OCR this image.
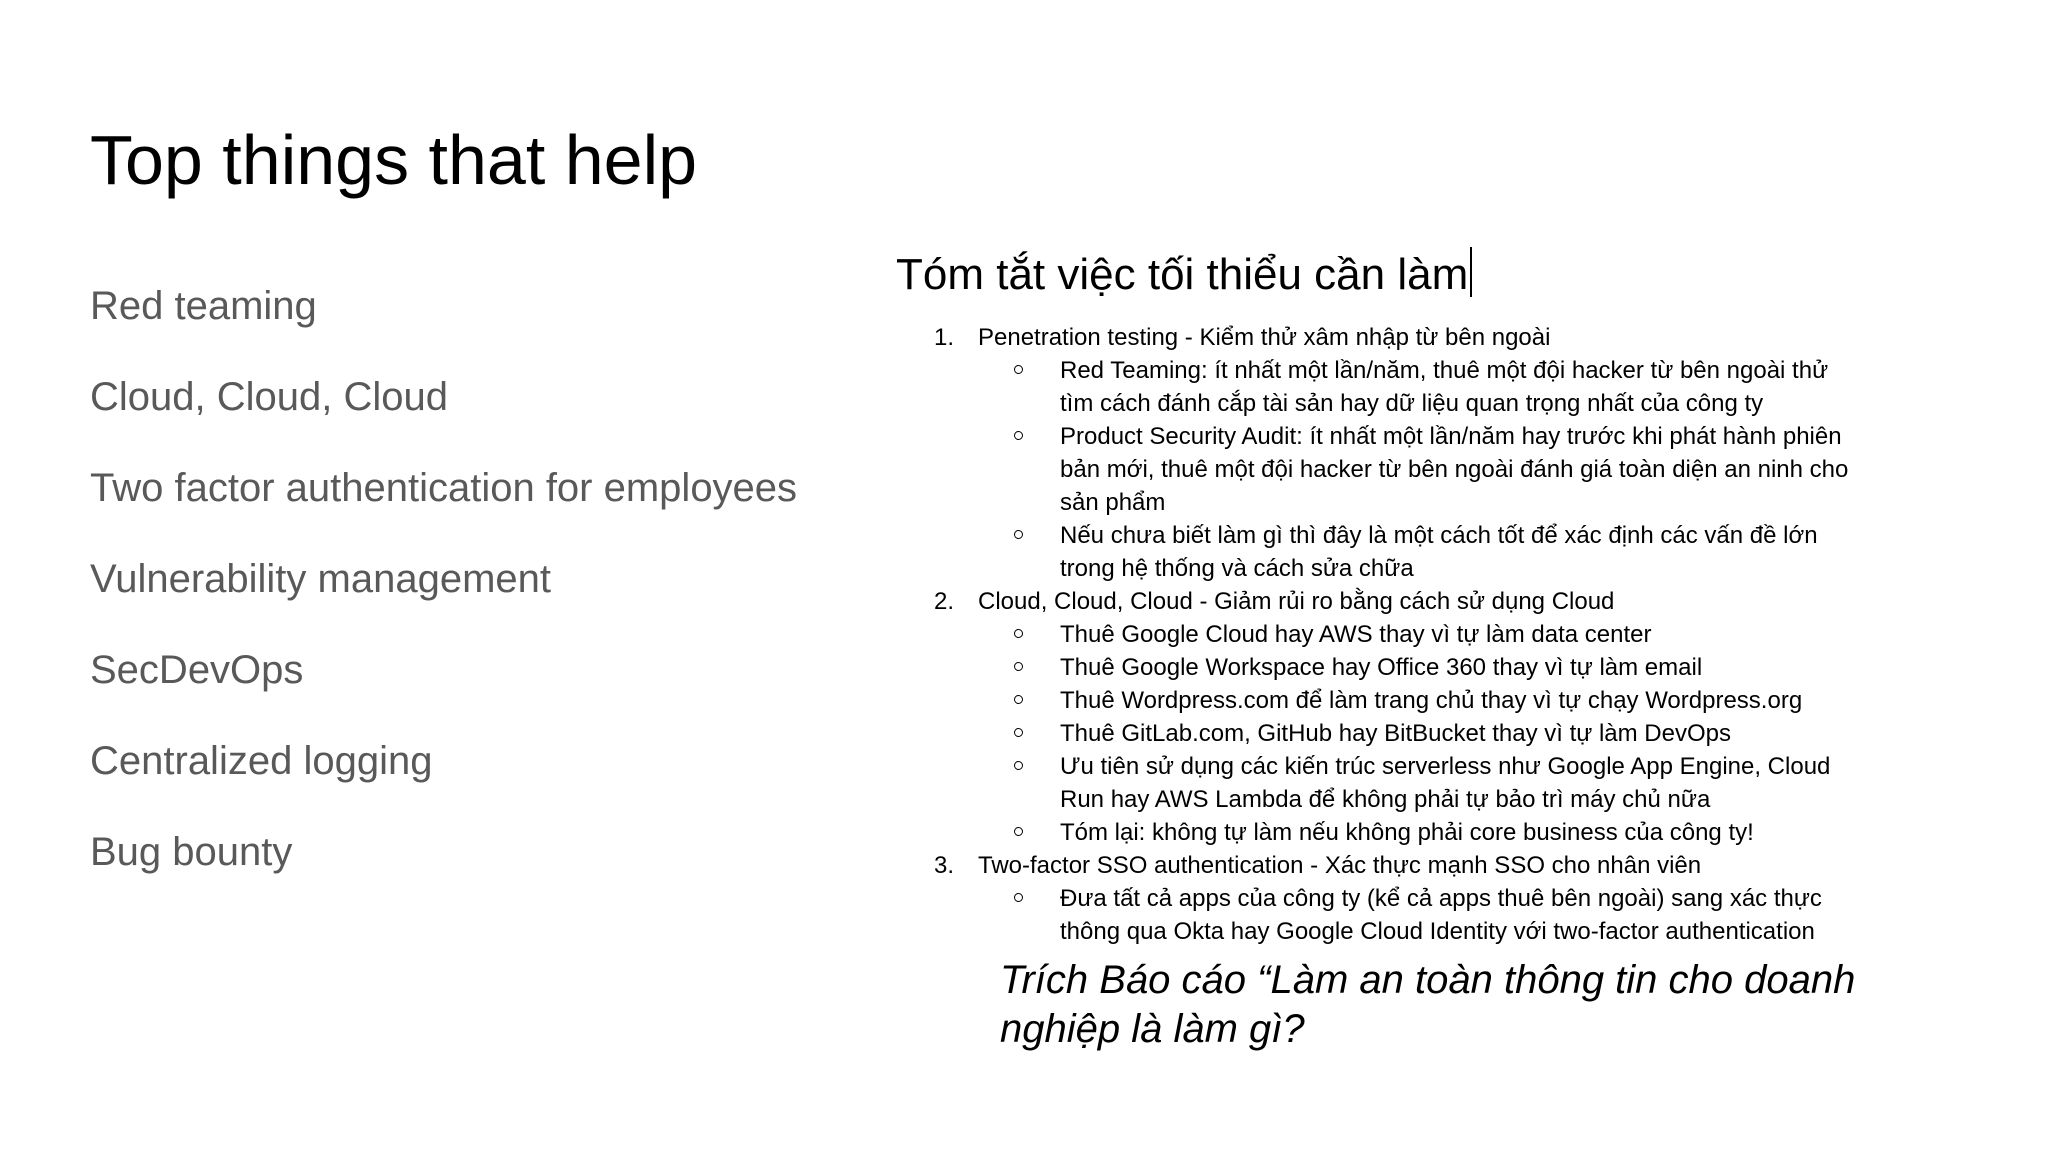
Top things that help
Red teaming
Cloud, Cloud, Cloud
Two factor authentication for employees
Vulnerability management
SecDevOps
Centralized logging
Bug bounty
Tóm tắt việc tối thiểu cần làm
1. Penetration testing - Kiểm thử xâm nhập từ bên ngoài
Red Teaming: ít nhất một lần/năm, thuê một đội hacker từ bên ngoài thử tìm cách đánh cắp tài sản hay dữ liệu quan trọng nhất của công ty
Product Security Audit: ít nhất một lần/năm hay trước khi phát hành phiên bản mới, thuê một đội hacker từ bên ngoài đánh giá toàn diện an ninh cho sản phẩm
Nếu chưa biết làm gì thì đây là một cách tốt để xác định các vấn đề lớn trong hệ thống và cách sửa chữa
2. Cloud, Cloud, Cloud - Giảm rủi ro bằng cách sử dụng Cloud
Thuê Google Cloud hay AWS thay vì tự làm data center
Thuê Google Workspace hay Office 360 thay vì tự làm email
Thuê Wordpress.com để làm trang chủ thay vì tự chạy Wordpress.org
Thuê GitLab.com, GitHub hay BitBucket thay vì tự làm DevOps
Ưu tiên sử dụng các kiến trúc serverless như Google App Engine, Cloud Run hay AWS Lambda để không phải tự bảo trì máy chủ nữa
Tóm lại: không tự làm nếu không phải core business của công ty!
3. Two-factor SSO authentication - Xác thực mạnh SSO cho nhân viên
Đưa tất cả apps của công ty (kể cả apps thuê bên ngoài) sang xác thực thông qua Okta hay Google Cloud Identity với two-factor authentication

Trích Báo cáo “Làm an toàn thông tin cho doanh nghiệp là làm gì?
